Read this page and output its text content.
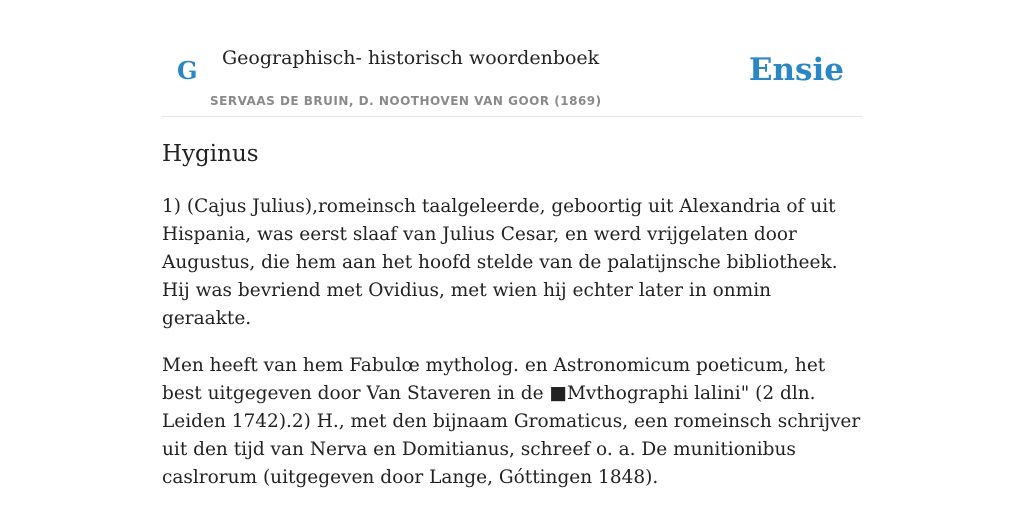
G Geographisch- historisch woordenboek
SERVAAS DE BRUIN, D. NOOTHOVEN VAN GOOR (1869)
Ensie
Hyginus

1) (Cajus Julius),romeinsch taalgeleerde, geboortig uit Alexandria of uit Hispania, was eerst slaaf van Julius Cesar, en werd vrijgelaten door Augustus, die hem aan het hoofd stelde van de palatijnsche bibliotheek. Hij was bevriend met Ovidius, met wien hij echter later in onmin geraakte.

Men heeft van hem Fabulœ mytholog. en Astronomicum poeticum, het best uitgegeven door Van Staveren in de ■Mvthographi lalini" (2 dln. Leiden 1742).2) H., met den bijnaam Gromaticus, een romeinsch schrijver uit den tijd van Nerva en Domitianus, schreef o. a. De munitionibus caslrorum (uitgegeven door Lange, Góttingen 1848).
